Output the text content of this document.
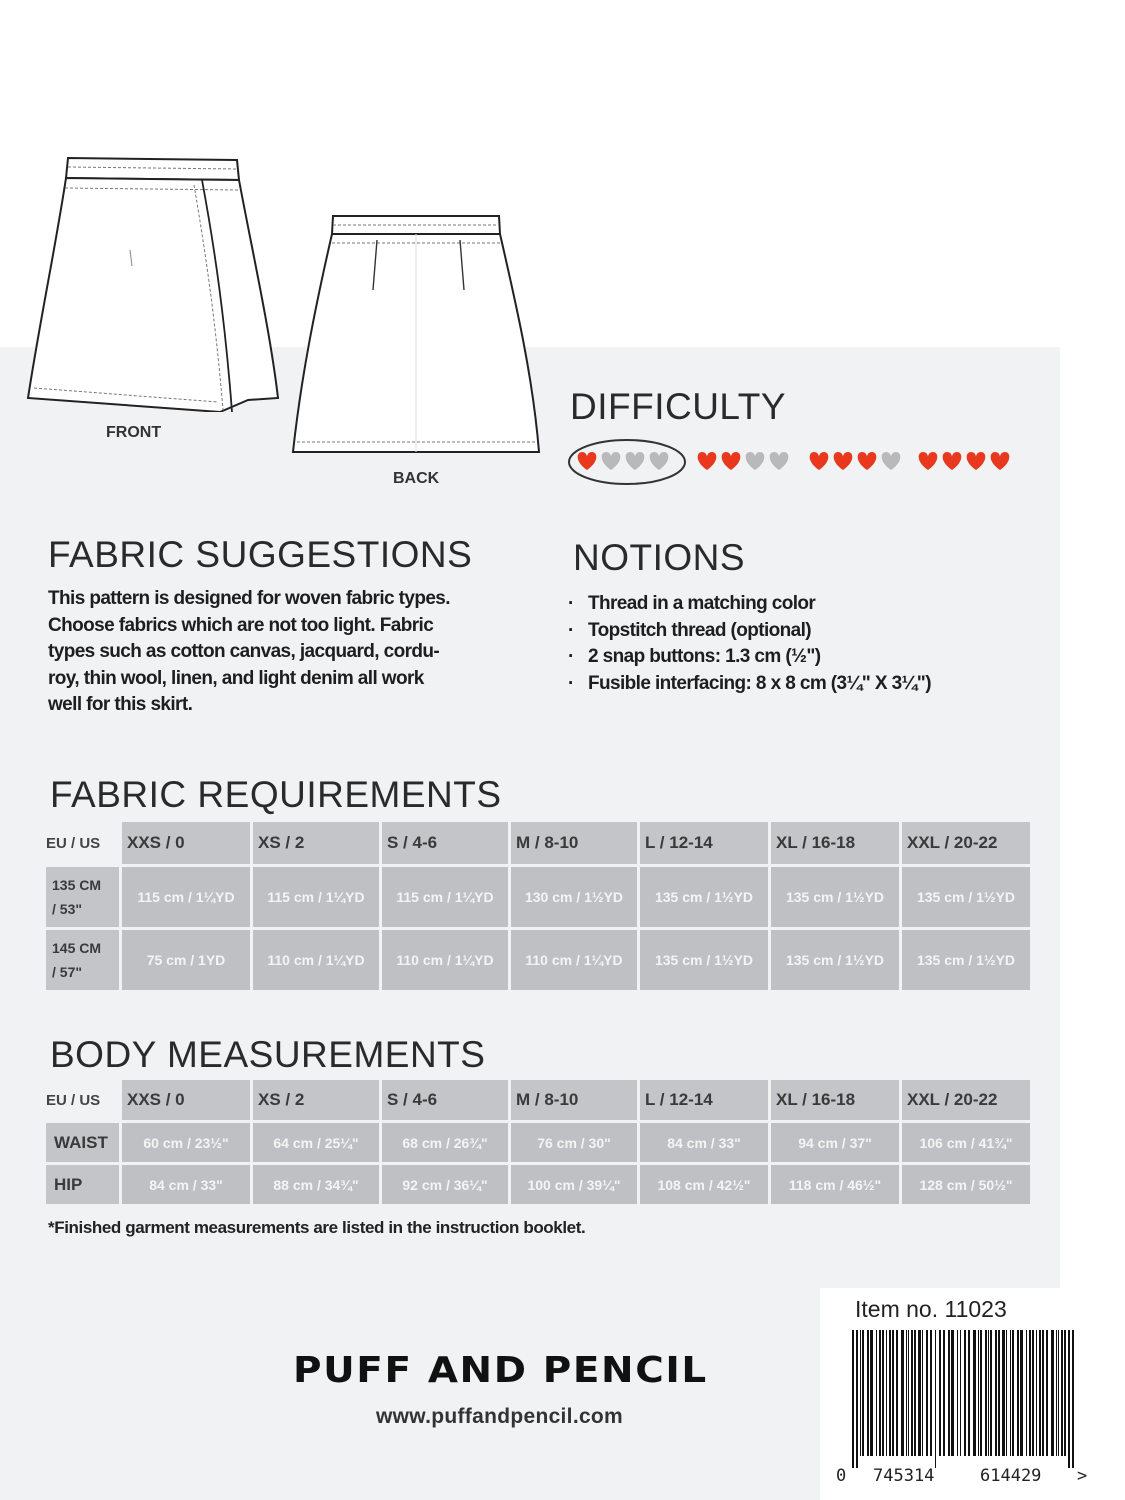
FRONT
BACK
DIFFICULTY
FABRIC SUGGESTIONS
This pattern is designed for woven fabric types.
Choose fabrics which are not too light. Fabric
types such as cotton canvas, jacquard, cordu-
roy, thin wool, linen, and light denim all work
well for this skirt.
NOTIONS
· Thread in a matching color
· Topstitch thread (optional)
· 2 snap buttons: 1.3 cm (½")
· Fusible interfacing: 8 x 8 cm (3¼" X 3¼")
FABRIC REQUIREMENTS
EU / US	XXS / 0	XS / 2	S / 4-6	M / 8-10	L / 12-14	XL / 16-18	XXL / 20-22

135 CM
/ 53"	115 cm / 1¼YD	115 cm / 1¼YD	115 cm / 1¼YD	130 cm / 1½YD	135 cm / 1½YD	135 cm / 1½YD	135 cm / 1½YD

145 CM
/ 57"	75 cm / 1YD	110 cm / 1¼YD	110 cm / 1¼YD	110 cm / 1¼YD	135 cm / 1½YD	135 cm / 1½YD	135 cm / 1½YD
BODY MEASUREMENTS
EU / US	XXS / 0	XS / 2	S / 4-6	M / 8-10	L / 12-14	XL / 16-18	XXL / 20-22
WAIST	60 cm / 23½"	64 cm / 25¼"	68 cm / 26¾"	76 cm / 30"	84 cm / 33"	94 cm / 37"	106 cm / 41¾"
HIP	84 cm / 33"	88 cm / 34¾"	92 cm / 36¼"	100 cm / 39¼"	108 cm / 42½"	118 cm / 46½"	128 cm / 50½"
*Finished garment measurements are listed in the instruction booklet.
PUFF AND PENCIL
www.puffandpencil.com
Item no. 11023
0 745314	614429 >
